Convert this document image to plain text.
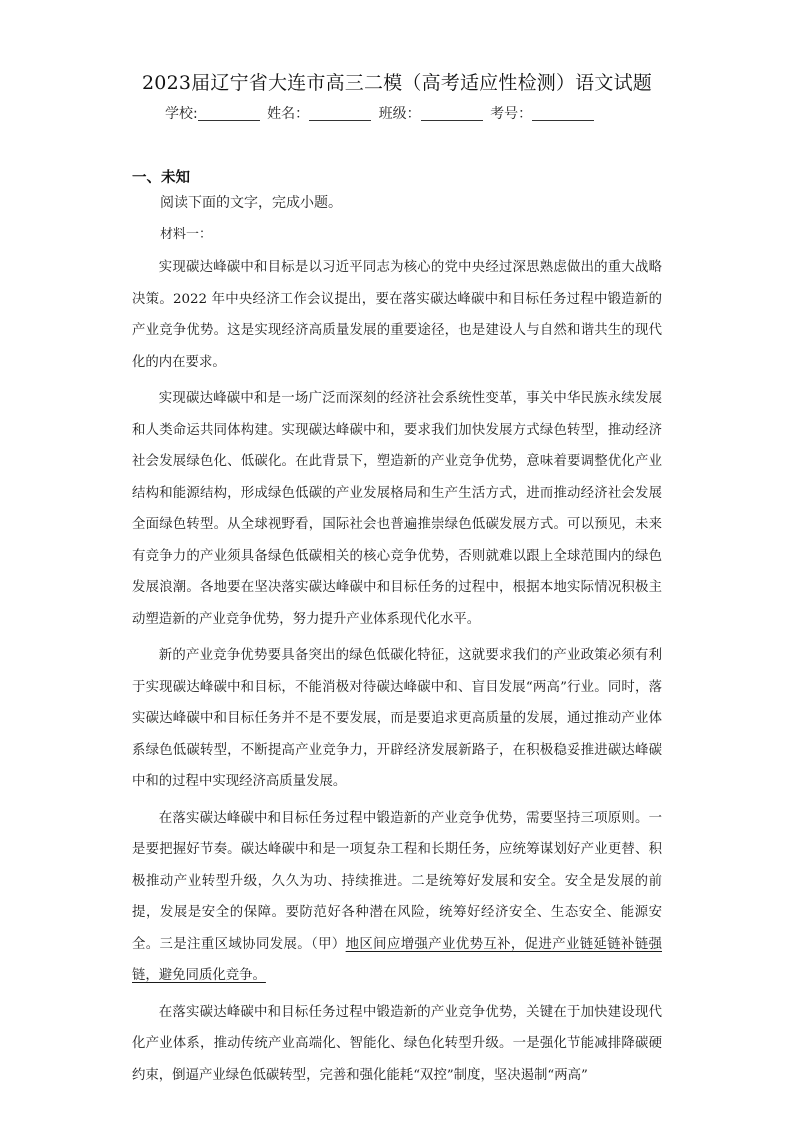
2023届辽宁省大连市高三二模（高考适应性检测）语文试题
学校:	姓名：	班级：	考号：
一、未知
阅读下面的文字，完成小题。
材料一：

实现碳达峰碳中和目标是以习近平同志为核心的党中央经过深思熟虑做出的重大战略决策。2022 年中央经济工作会议提出，要在落实碳达峰碳中和目标任务过程中锻造新的产业竞争优势。这是实现经济高质量发展的重要途径，也是建设人与自然和谐共生的现代化的内在要求。

实现碳达峰碳中和是一场广泛而深刻的经济社会系统性变革，事关中华民族永续发展和人类命运共同体构建。实现碳达峰碳中和，要求我们加快发展方式绿色转型，推动经济社会发展绿色化、低碳化。在此背景下，塑造新的产业竞争优势，意味着要调整优化产业结构和能源结构，形成绿色低碳的产业发展格局和生产生活方式，进而推动经济社会发展全面绿色转型。从全球视野看，国际社会也普遍推崇绿色低碳发展方式。可以预见，未来有竞争力的产业须具备绿色低碳相关的核心竞争优势，否则就难以跟上全球范围内的绿色发展浪潮。各地要在坚决落实碳达峰碳中和目标任务的过程中，根据本地实际情况积极主动塑造新的产业竞争优势，努力提升产业体系现代化水平。

新的产业竞争优势要具备突出的绿色低碳化特征，这就要求我们的产业政策必须有利于实现碳达峰碳中和目标，不能消极对待碳达峰碳中和、盲目发展“两高”行业。同时，落实碳达峰碳中和目标任务并不是不要发展，而是要追求更高质量的发展，通过推动产业体系绿色低碳转型，不断提高产业竞争力，开辟经济发展新路子，在积极稳妥推进碳达峰碳中和的过程中实现经济高质量发展。

在落实碳达峰碳中和目标任务过程中锻造新的产业竞争优势，需要坚持三项原则。一是要把握好节奏。碳达峰碳中和是一项复杂工程和长期任务，应统筹谋划好产业更替、积极推动产业转型升级，久久为功、持续推进。二是统筹好发展和安全。安全是发展的前提，发展是安全的保障。要防范好各种潜在风险，统筹好经济安全、生态安全、能源安全。三是注重区域协同发展。（甲）地区间应增强产业优势互补，促进产业链延链补链强链，避免同质化竞争。

在落实碳达峰碳中和目标任务过程中锻造新的产业竞争优势，关键在于加快建设现代化产业体系，推动传统产业高端化、智能化、绿色化转型升级。一是强化节能减排降碳硬约束，倒逼产业绿色低碳转型，完善和强化能耗“双控”制度，坚决遏制“两高”
